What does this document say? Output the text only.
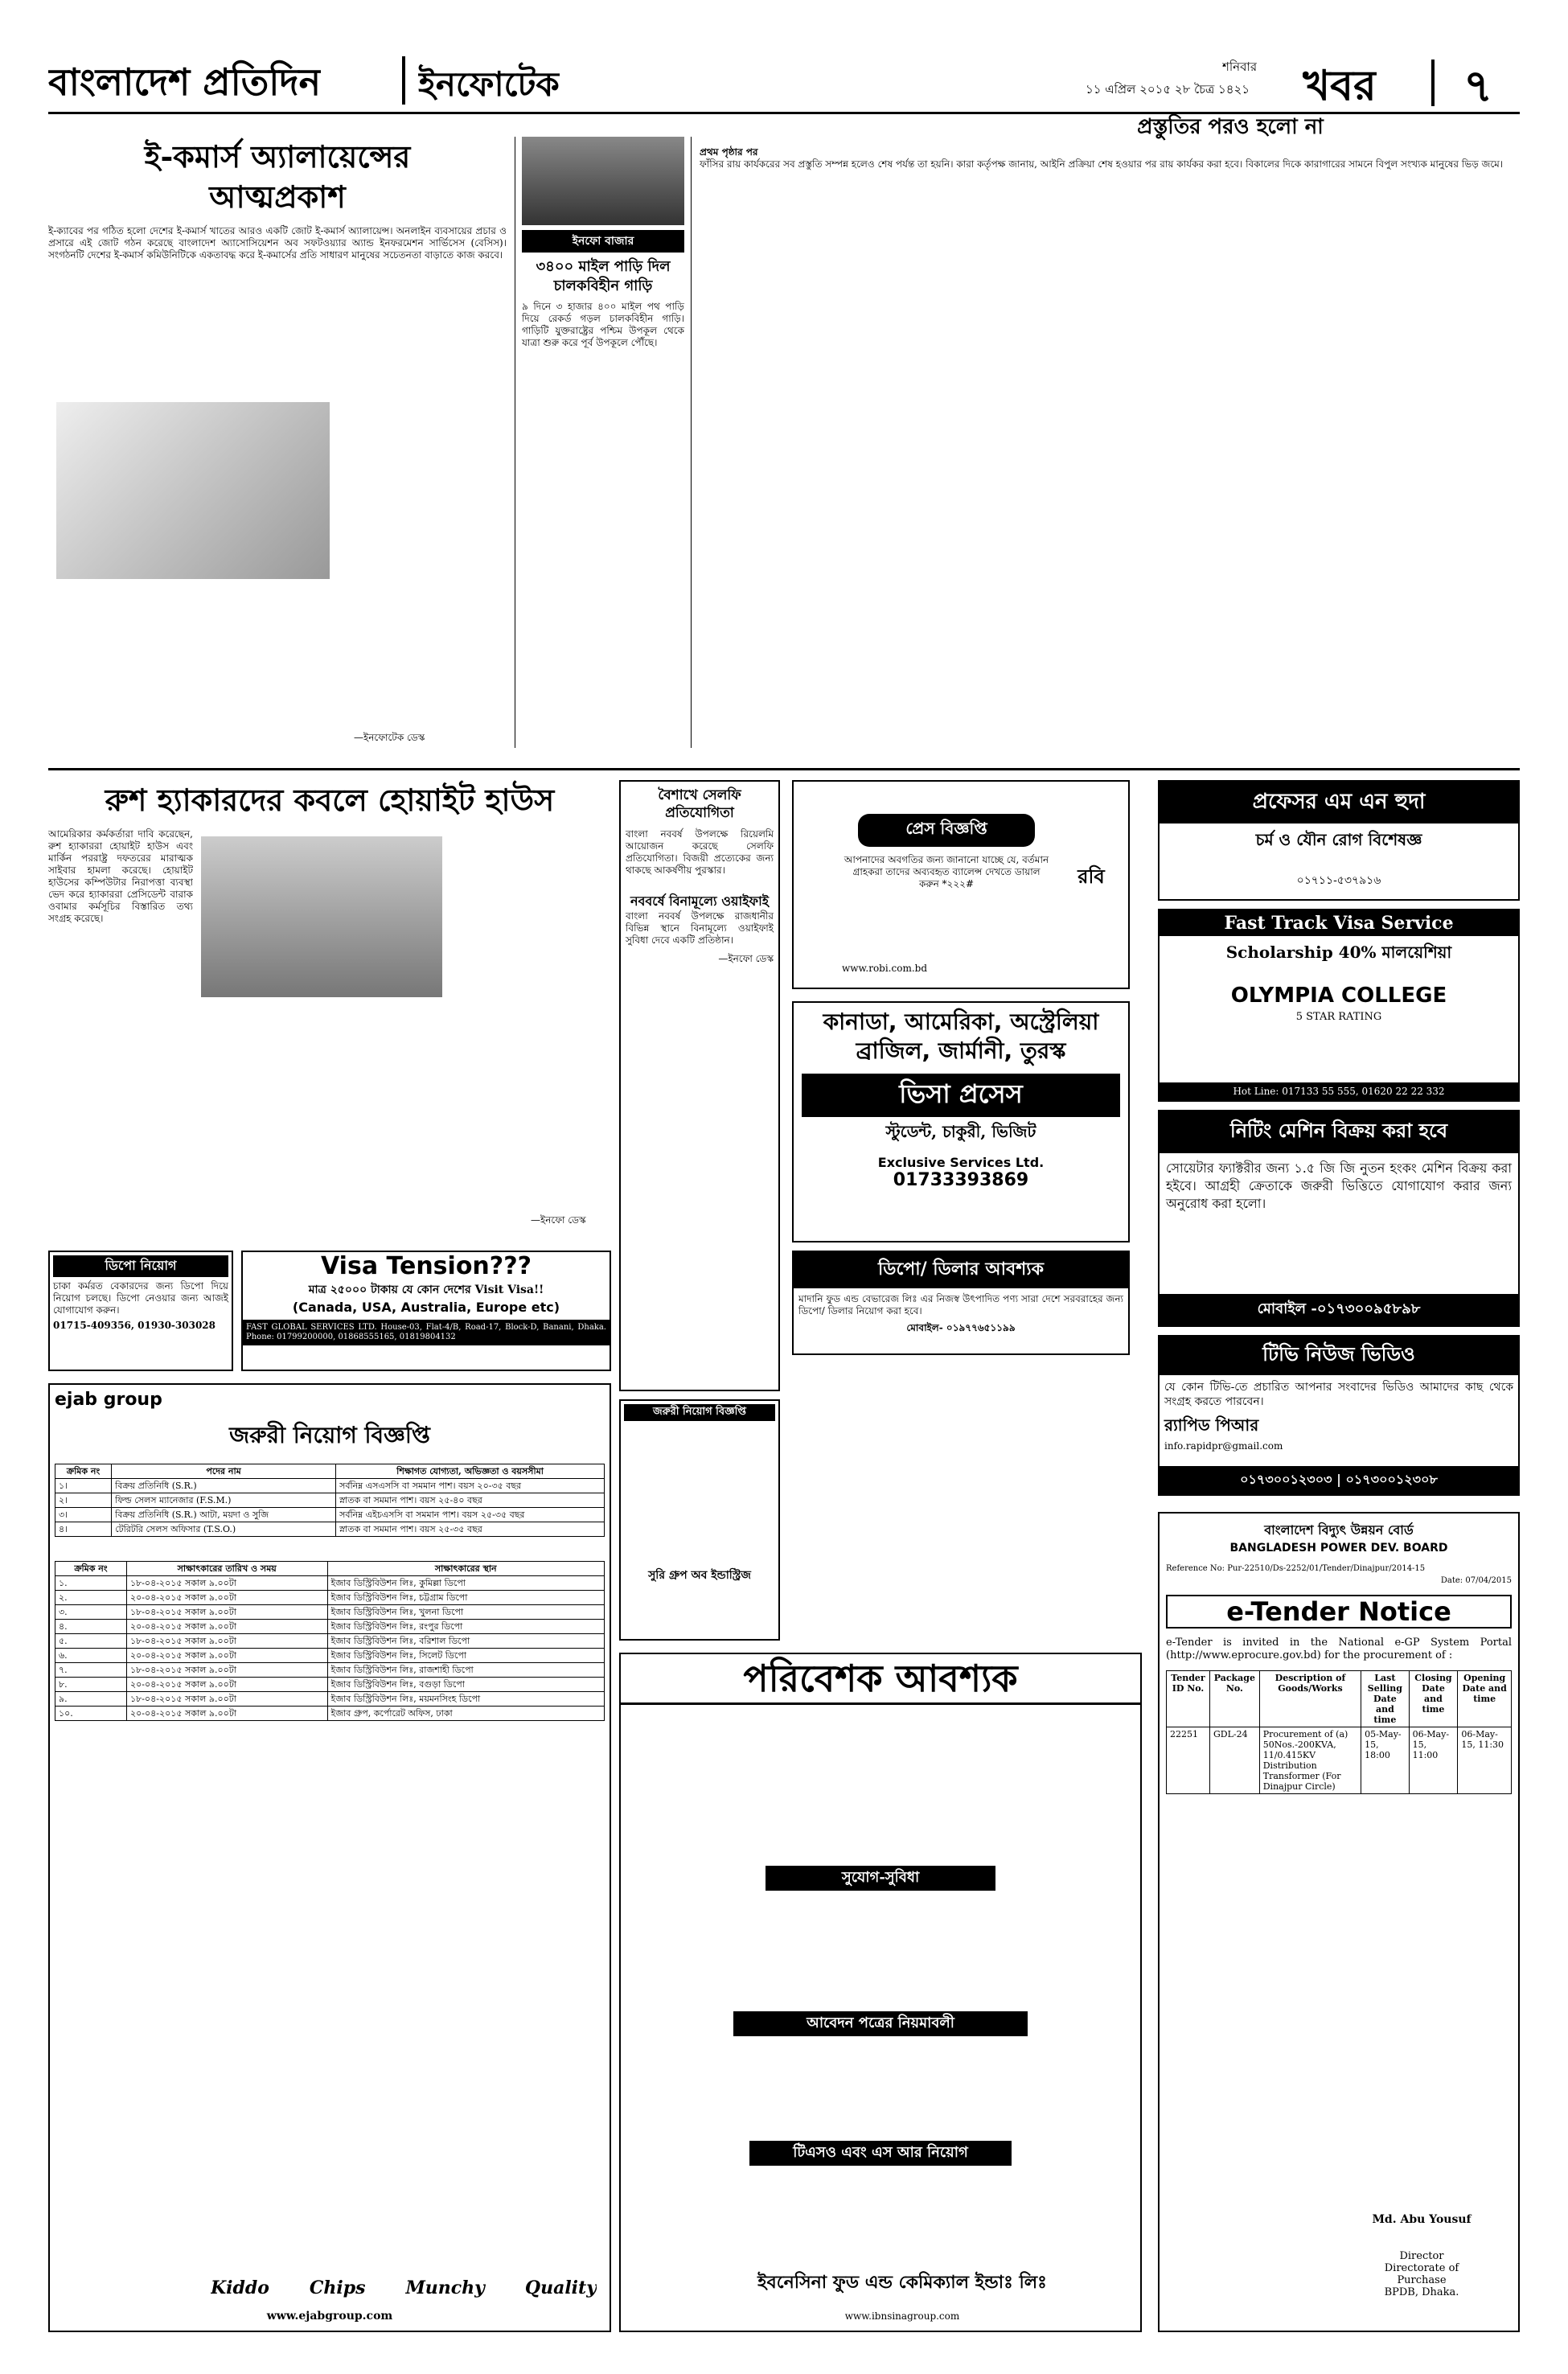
বাংলাদেশ প্রতিদিন	ইনফোটেক	শনিবার
১১ এপ্রিল ২০১৫ ২৮ চৈত্র ১৪২১ খবর ৭
ই-কমার্স অ্যালায়েন্সের আত্মপ্রকাশ
ই-ক্যাবের পর গঠিত হলো দেশের ই-কমার্স খাতের আরও একটি জোট ই-কমার্স অ্যালায়েন্স। অনলাইন ব্যবসায়ের প্রচার ও প্রসারে এই জোট গঠন করেছে বাংলাদেশ অ্যাসোসিয়েশন অব সফটওয়্যার অ্যান্ড ইনফরমেশন সার্ভিসেস (বেসিস)। সংগঠনটি দেশের ই-কমার্স কমিউনিটিকে একতাবদ্ধ করে ই-কমার্সের প্রতি সাধারণ মানুষের সচেতনতা বাড়াতে কাজ করবে।
—ইনফোটেক ডেস্ক
ইনফো বাজার
৩৪০০ মাইল পাড়ি দিল চালকবিহীন গাড়ি
৯ দিনে ৩ হাজার ৪০০ মাইল পথ পাড়ি দিয়ে রেকর্ড গড়ল চালকবিহীন গাড়ি। গাড়িটি যুক্তরাষ্ট্রের পশ্চিম উপকূল থেকে যাত্রা শুরু করে পূর্ব উপকূলে পৌঁছে।
প্রস্তুতির পরও হলো না
প্রথম পৃষ্ঠার পর
ফাঁসির রায় কার্যকরের সব প্রস্তুতি সম্পন্ন হলেও শেষ পর্যন্ত তা হয়নি। কারা কর্তৃপক্ষ জানায়, আইনি প্রক্রিয়া শেষ হওয়ার পর রায় কার্যকর করা হবে। বিকালের দিকে কারাগারের সামনে বিপুল সংখ্যক মানুষের ভিড় জমে।
রুশ হ্যাকারদের কবলে হোয়াইট হাউস
আমেরিকার কর্মকর্তারা দাবি করেছেন, রুশ হ্যাকাররা হোয়াইট হাউস এবং মার্কিন পররাষ্ট্র দফতরের মারাত্মক সাইবার হামলা করেছে। হোয়াইট হাউসের কম্পিউটার নিরাপত্তা ব্যবস্থা ভেদ করে হ্যাকাররা প্রেসিডেন্ট বারাক ওবামার কর্মসূচির বিস্তারিত তথ্য সংগ্রহ করেছে।
—ইনফো ডেস্ক
বৈশাখে সেলফি প্রতিযোগিতা
বাংলা নববর্ষ উপলক্ষে রিয়েলমি আয়োজন করেছে সেলফি প্রতিযোগিতা। বিজয়ী প্রত্যেকের জন্য থাকছে আকর্ষণীয় পুরস্কার।
নববর্ষে বিনামূল্যে ওয়াইফাই
বাংলা নববর্ষ উপলক্ষে রাজধানীর বিভিন্ন স্থানে বিনামূল্যে ওয়াইফাই সুবিধা দেবে একটি প্রতিষ্ঠান।
—ইনফো ডেস্ক
প্রেস বিজ্ঞপ্তি
আপনাদের অবগতির জন্য জানানো যাচ্ছে যে, বর্তমান গ্রাহকরা তাদের অব্যবহৃত ব্যালেন্স দেখতে ডায়াল করুন *২২২#
www.robi.com.bd
রবি
প্রফেসর এম এন হুদা
চর্ম ও যৌন রোগ বিশেষজ্ঞ
০১৭১১-৫৩৭৯১৬
Fast Track Visa Service
Scholarship 40% মালয়েশিয়া
OLYMPIA COLLEGE
5 STAR RATING
Hot Line: 017133 55 555, 01620 22 22 332
কানাডা, আমেরিকা, অস্ট্রেলিয়া ব্রাজিল, জার্মানী, তুরস্ক
ভিসা প্রসেস
স্টুডেন্ট, চাকুরী, ভিজিট
Exclusive Services Ltd.
01733393869
নিটিং মেশিন বিক্রয় করা হবে
সোয়েটার ফ্যাক্টরীর জন্য ১.৫ জি জি নুতন হংকং মেশিন বিক্রয় করা হইবে। আগ্রহী ক্রেতাকে জরুরী ভিত্তিতে যোগাযোগ করার জন্য অনুরোধ করা হলো।
মোবাইল -০১৭৩০০৯৫৮৯৮
ডিপো নিয়োগ
চাকা কর্মরত বেকারদের জন্য ডিপো দিয়ে নিয়োগ চলছে। ডিপো নেওয়ার জন্য আজই যোগাযোগ করুন।
01715-409356, 01930-303028
Visa Tension???
মাত্র ২৫০০০ টাকায় যে কোন দেশের Visit Visa!!
(Canada, USA, Australia, Europe etc)
FAST GLOBAL SERVICES LTD. House-03, Flat-4/B, Road-17, Block-D, Banani, Dhaka. Phone: 01799200000, 01868555165, 01819804132
ডিপো/ ডিলার আবশ্যক
মাদানি ফুড এন্ড বেভারেজ লিঃ এর নিজস্ব উৎপাদিত পণ্য সারা দেশে সরবরাহের জন্য ডিপো/ ডিলার নিয়োগ করা হবে।
মোবাইল- ০১৯৭৭৬৫১১৯৯
টিভি নিউজ ভিডিও
যে কোন টিভি-তে প্রচারিত আপনার সংবাদের ভিডিও আমাদের কাছ থেকে সংগ্রহ করতে পারবেন।
র‌্যাপিড পিআর
info.rapidpr@gmail.com
০১৭৩০০১২৩০৩ | ০১৭৩০০১২৩০৮
ejab group
জরুরী নিয়োগ বিজ্ঞপ্তি
ক্রমিক নং	পদের নাম	শিক্ষাগত যোগ্যতা, অভিজ্ঞতা ও বয়সসীমা
১।	বিক্রয় প্রতিনিধি (S.R.)	সর্বনিম্ন এসএসসি বা সমমান পাশ। বয়স ২০-৩৫ বছর
২।	ফিল্ড সেলস ম্যানেজার (F.S.M.)	স্নাতক বা সমমান পাশ। বয়স ২৫-৪০ বছর
৩।	বিক্রয় প্রতিনিধি (S.R.) আটা, ময়দা ও সুজি	সর্বনিম্ন এইচএসসি বা সমমান পাশ। বয়স ২৫-৩৫ বছর
৪।	টেরিটরি সেলস অফিসার (T.S.O.)	স্নাতক বা সমমান পাশ। বয়স ২৫-৩৫ বছর
ক্রমিক নং	সাক্ষাৎকারের তারিখ ও সময়	সাক্ষাৎকারের স্থান
১.	১৮-০৪-২০১৫ সকাল ৯.০০টা	ইজাব ডিস্ট্রিবিউশন লিঃ, কুমিল্লা ডিপো
২.	২০-০৪-২০১৫ সকাল ৯.০০টা	ইজাব ডিস্ট্রিবিউশন লিঃ, চট্টগ্রাম ডিপো
৩.	১৮-০৪-২০১৫ সকাল ৯.০০টা	ইজাব ডিস্ট্রিবিউশন লিঃ, খুলনা ডিপো
৪.	২০-০৪-২০১৫ সকাল ৯.০০টা	ইজাব ডিস্ট্রিবিউশন লিঃ, রংপুর ডিপো
৫.	১৮-০৪-২০১৫ সকাল ৯.০০টা	ইজাব ডিস্ট্রিবিউশন লিঃ, বরিশাল ডিপো
৬.	২০-০৪-২০১৫ সকাল ৯.০০টা	ইজাব ডিস্ট্রিবিউশন লিঃ, সিলেট ডিপো
৭.	১৮-০৪-২০১৫ সকাল ৯.০০টা	ইজাব ডিস্ট্রিবিউশন লিঃ, রাজশাহী ডিপো
৮.	২০-০৪-২০১৫ সকাল ৯.০০টা	ইজাব ডিস্ট্রিবিউশন লিঃ, বগুড়া ডিপো
৯.	১৮-০৪-২০১৫ সকাল ৯.০০টা	ইজাব ডিস্ট্রিবিউশন লিঃ, ময়মনসিংহ ডিপো
১০.	২০-০৪-২০১৫ সকাল ৯.০০টা	ইজাব গ্রুপ, কর্পোরেট অফিস, ঢাকা
Kiddo Chips Munchy Quality
www.ejabgroup.com
জরুরী নিয়োগ বিজ্ঞপ্তি
সুরি গ্রুপ অব ইন্ডাস্ট্রিজ
পরিবেশক আবশ্যক
সুযোগ-সুবিধা
আবেদন পত্রের নিয়মাবলী
টিএসও এবং এস আর নিয়োগ
ইবনেসিনা ফুড এন্ড কেমিক্যাল ইন্ডাঃ লিঃ
www.ibnsinagroup.com
বাংলাদেশ বিদ্যুৎ উন্নয়ন বোর্ড
BANGLADESH POWER DEV. BOARD
Reference No: Pur-22510/Ds-2252/01/Tender/Dinajpur/2014-15
Date: 07/04/2015
e-Tender Notice
e-Tender is invited in the National e-GP System Portal (http://www.eprocure.gov.bd) for the procurement of :
Tender ID No.	Package No.	Description of Goods/Works	Last Selling Date and time	Closing Date and time	Opening Date and time
22251	GDL-24	Procurement of (a) 50Nos.-200KVA, 11/0.415KV Distribution Transformer (For Dinajpur Circle)	05-May-15, 18:00	06-May-15, 11:00	06-May-15, 11:30
Md. Abu Yousuf
Director
Directorate of
Purchase
BPDB, Dhaka.
